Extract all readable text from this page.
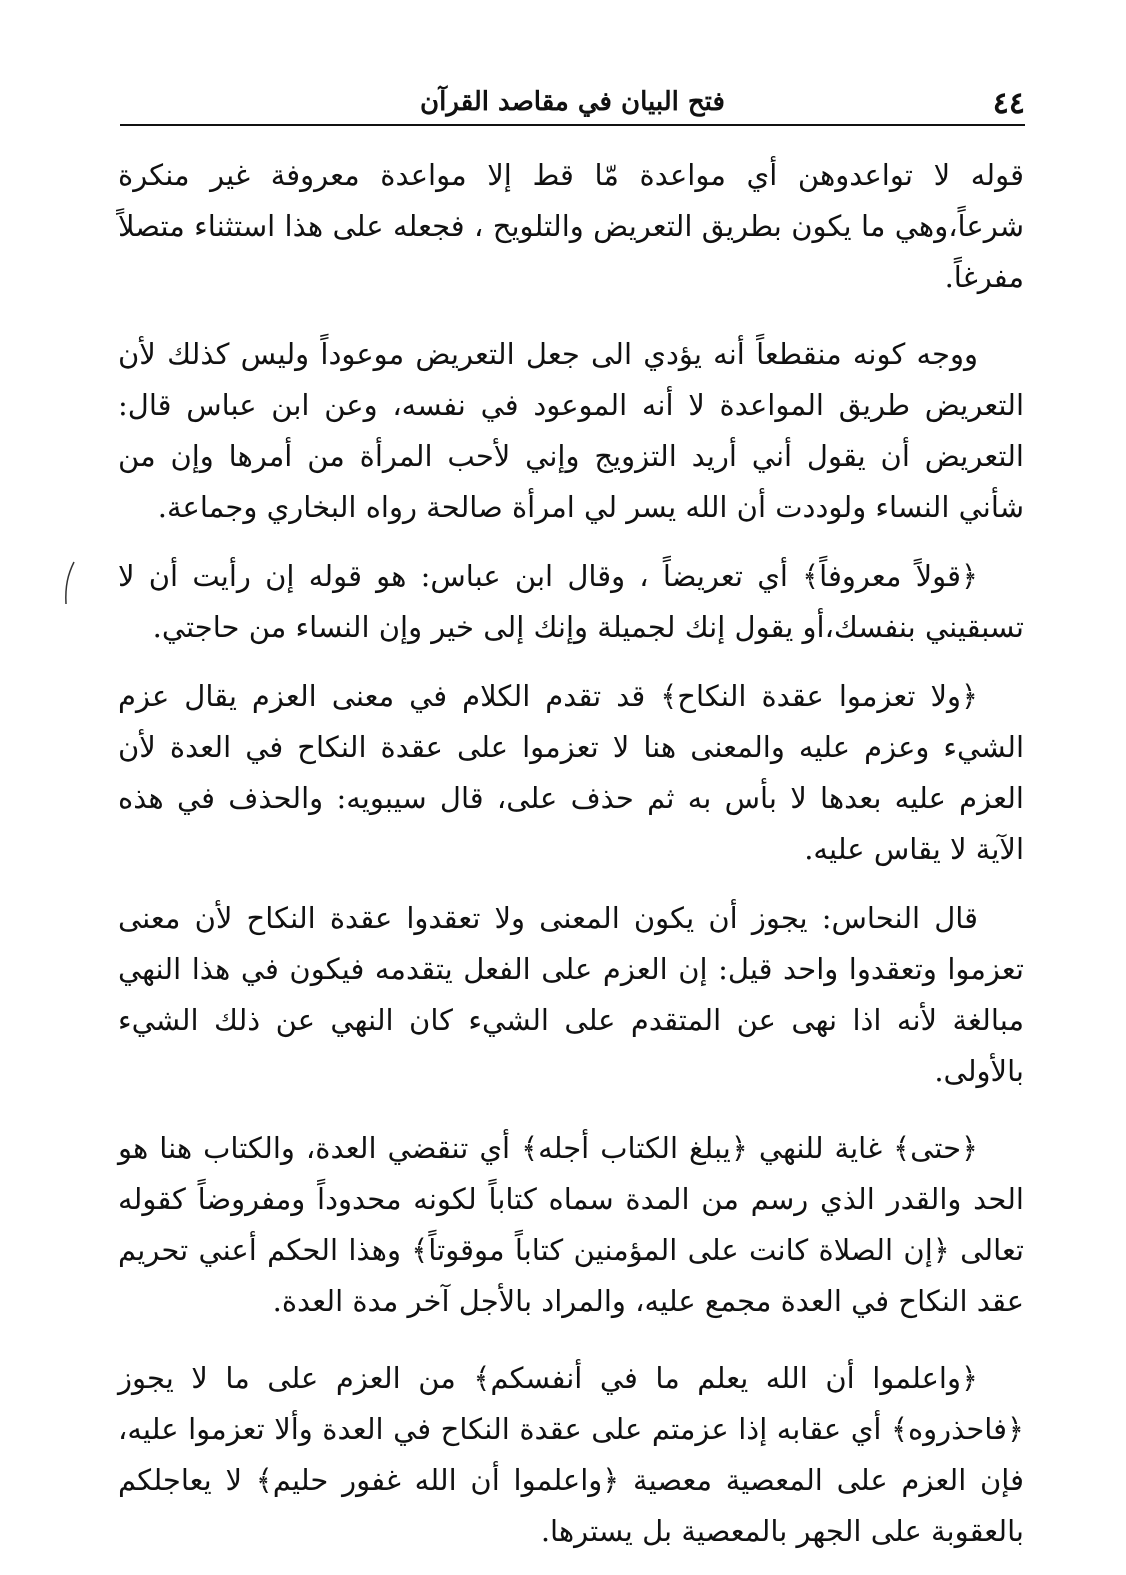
٤٤
فتح البيان في مقاصد القرآن

قوله لا تواعدوهن أي مواعدة مّا قط إلا مواعدة معروفة غير منكرة شرعاً،وهي ما يكون بطريق التعريض والتلويح ، فجعله على هذا استثناء متصلاً مفرغاً.

ووجه كونه منقطعاً أنه يؤدي الى جعل التعريض موعوداً وليس كذلك لأن التعريض طريق المواعدة لا أنه الموعود في نفسه، وعن ابن عباس قال: التعريض أن يقول أني أريد التزويج وإني لأحب المرأة من أمرها وإن من شأني النساء ولوددت أن الله يسر لي امرأة صالحة رواه البخاري وجماعة.

﴿قولاً معروفاً﴾ أي تعريضاً ، وقال ابن عباس: هو قوله إن رأيت أن لا تسبقيني بنفسك،أو يقول إنك لجميلة وإنك إلى خير وإن النساء من حاجتي.

﴿ولا تعزموا عقدة النكاح﴾ قد تقدم الكلام في معنى العزم يقال عزم الشيء وعزم عليه والمعنى هنا لا تعزموا على عقدة النكاح في العدة لأن العزم عليه بعدها لا بأس به ثم حذف على، قال سيبويه: والحذف في هذه الآية لا يقاس عليه.

قال النحاس: يجوز أن يكون المعنى ولا تعقدوا عقدة النكاح لأن معنى تعزموا وتعقدوا واحد قيل: إن العزم على الفعل يتقدمه فيكون في هذا النهي مبالغة لأنه اذا نهى عن المتقدم على الشيء كان النهي عن ذلك الشيء بالأولى.

﴿حتى﴾ غاية للنهي ﴿يبلغ الكتاب أجله﴾ أي تنقضي العدة، والكتاب هنا هو الحد والقدر الذي رسم من المدة سماه كتاباً لكونه محدوداً ومفروضاً كقوله تعالى ﴿إن الصلاة كانت على المؤمنين كتاباً موقوتاً﴾ وهذا الحكم أعني تحريم عقد النكاح في العدة مجمع عليه، والمراد بالأجل آخر مدة العدة.

﴿واعلموا أن الله يعلم ما في أنفسكم﴾ من العزم على ما لا يجوز ﴿فاحذروه﴾ أي عقابه إذا عزمتم على عقدة النكاح في العدة وألا تعزموا عليه، فإن العزم على المعصية معصية ﴿واعلموا أن الله غفور حليم﴾ لا يعاجلكم بالعقوبة على الجهر بالمعصية بل يسترها.
